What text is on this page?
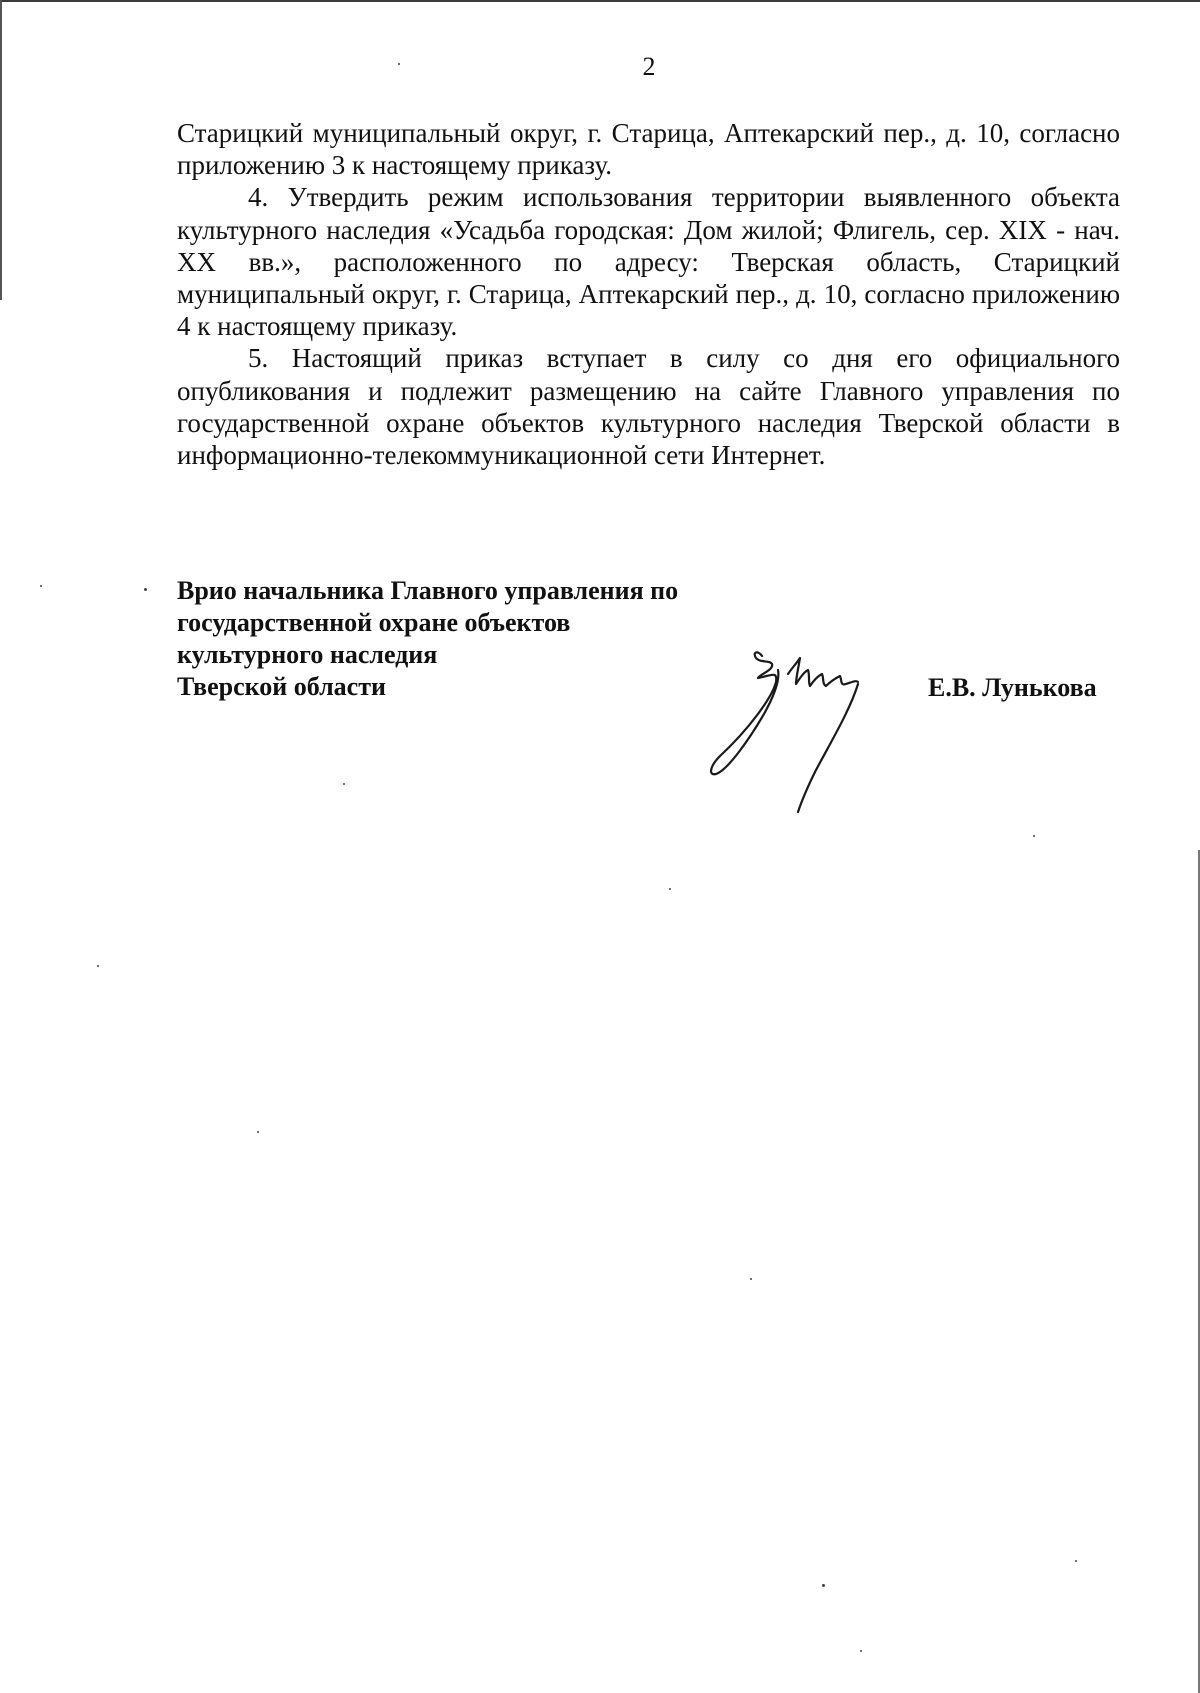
2

Старицкий муниципальный округ, г. Старица, Аптекарский пер., д. 10, согласно приложению 3 к настоящему приказу.

4. Утвердить режим использования территории выявленного объекта культурного наследия «Усадьба городская: Дом жилой; Флигель, сер. XIX - нач. XX вв.», расположенного по адресу: Тверская область, Старицкий муниципальный округ, г. Старица, Аптекарский пер., д. 10, согласно приложению 4 к настоящему приказу.

5. Настоящий приказ вступает в силу со дня его официального опубликования и подлежит размещению на сайте Главного управления по государственной охране объектов культурного наследия Тверской области в информационно-телекоммуникационной сети Интернет.

Врио начальника Главного управления по
государственной охране объектов
культурного наследия
Тверской области	Е.В. Лунькова
